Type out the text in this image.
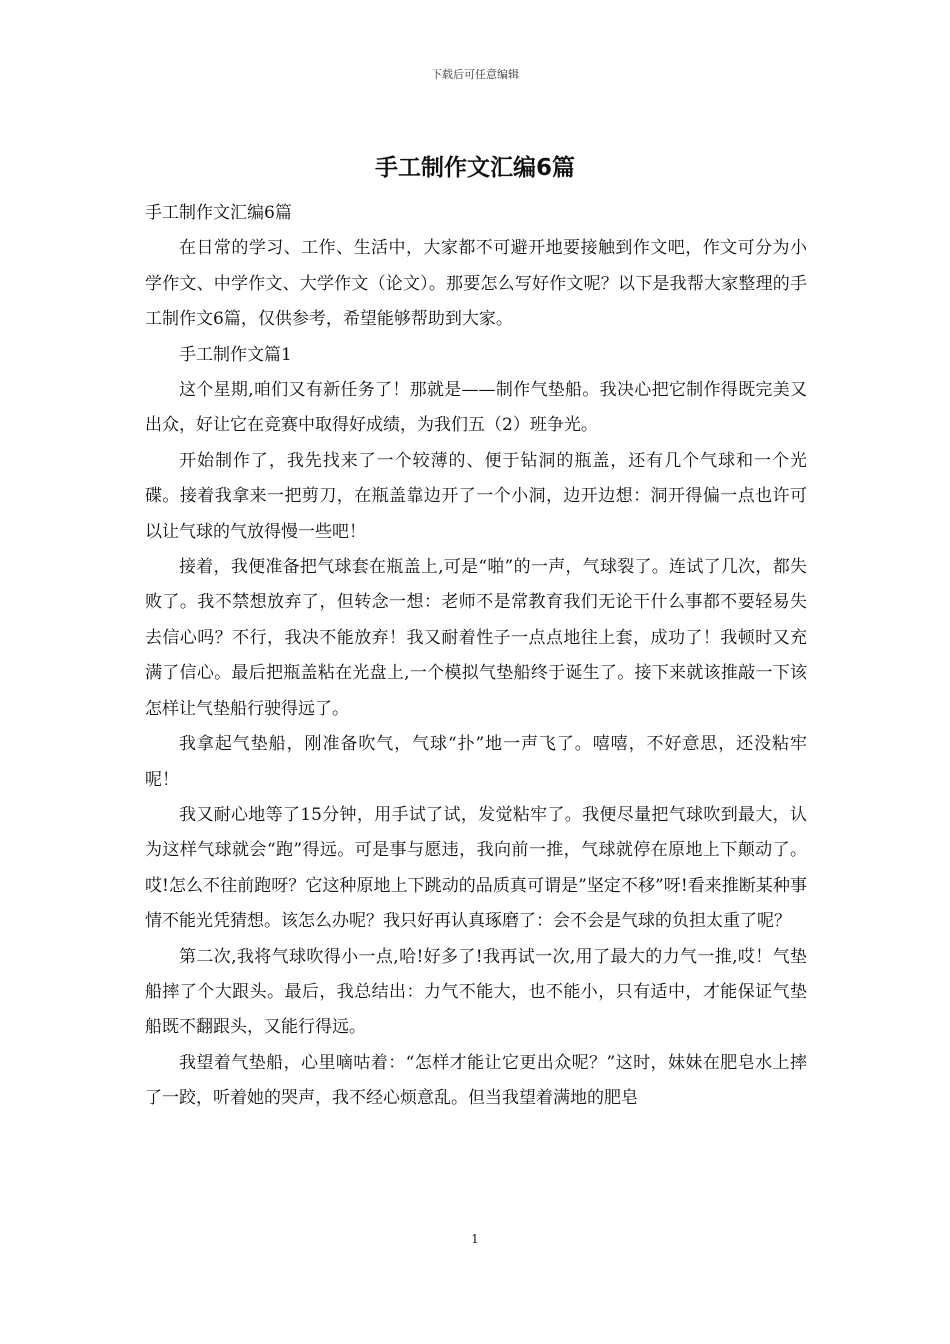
下载后可任意编辑
手工制作文汇编6篇

手工制作文汇编6篇

在日常的学习、工作、生活中，大家都不可避开地要接触到作文吧，作文可分为小学作文、中学作文、大学作文（论文）。那要怎么写好作文呢？以下是我帮大家整理的手工制作文6篇，仅供参考，希望能够帮助到大家。

手工制作文篇1

这个星期,咱们又有新任务了！那就是——制作气垫船。我决心把它制作得既完美又出众，好让它在竞赛中取得好成绩，为我们五（2）班争光。

开始制作了，我先找来了一个较薄的、便于钻洞的瓶盖，还有几个气球和一个光碟。接着我拿来一把剪刀，在瓶盖靠边开了一个小洞，边开边想：洞开得偏一点也许可以让气球的气放得慢一些吧！

接着，我便准备把气球套在瓶盖上,可是“啪”的一声，气球裂了。连试了几次，都失败了。我不禁想放弃了，但转念一想：老师不是常教育我们无论干什么事都不要轻易失去信心吗？不行，我决不能放弃！我又耐着性子一点点地往上套，成功了！我顿时又充满了信心。最后把瓶盖粘在光盘上,一个模拟气垫船终于诞生了。接下来就该推敲一下该怎样让气垫船行驶得远了。

我拿起气垫船，刚准备吹气，气球“扑”地一声飞了。嘻嘻，不好意思，还没粘牢呢！

我又耐心地等了15分钟，用手试了试，发觉粘牢了。我便尽量把气球吹到最大，认为这样气球就会“跑”得远。可是事与愿违，我向前一推，气球就停在原地上下颠动了。哎!怎么不往前跑呀？它这种原地上下跳动的品质真可谓是”坚定不移”呀!看来推断某种事情不能光凭猜想。该怎么办呢？我只好再认真琢磨了：会不会是气球的负担太重了呢？

第二次,我将气球吹得小一点,哈!好多了!我再试一次,用了最大的力气一推,哎！气垫船摔了个大跟头。最后，我总结出：力气不能大，也不能小，只有适中，才能保证气垫船既不翻跟头，又能行得远。

我望着气垫船，心里嘀咕着：“怎样才能让它更出众呢？”这时，妹妹在肥皂水上摔了一跤，听着她的哭声，我不经心烦意乱。但当我望着满地的肥皂

1
